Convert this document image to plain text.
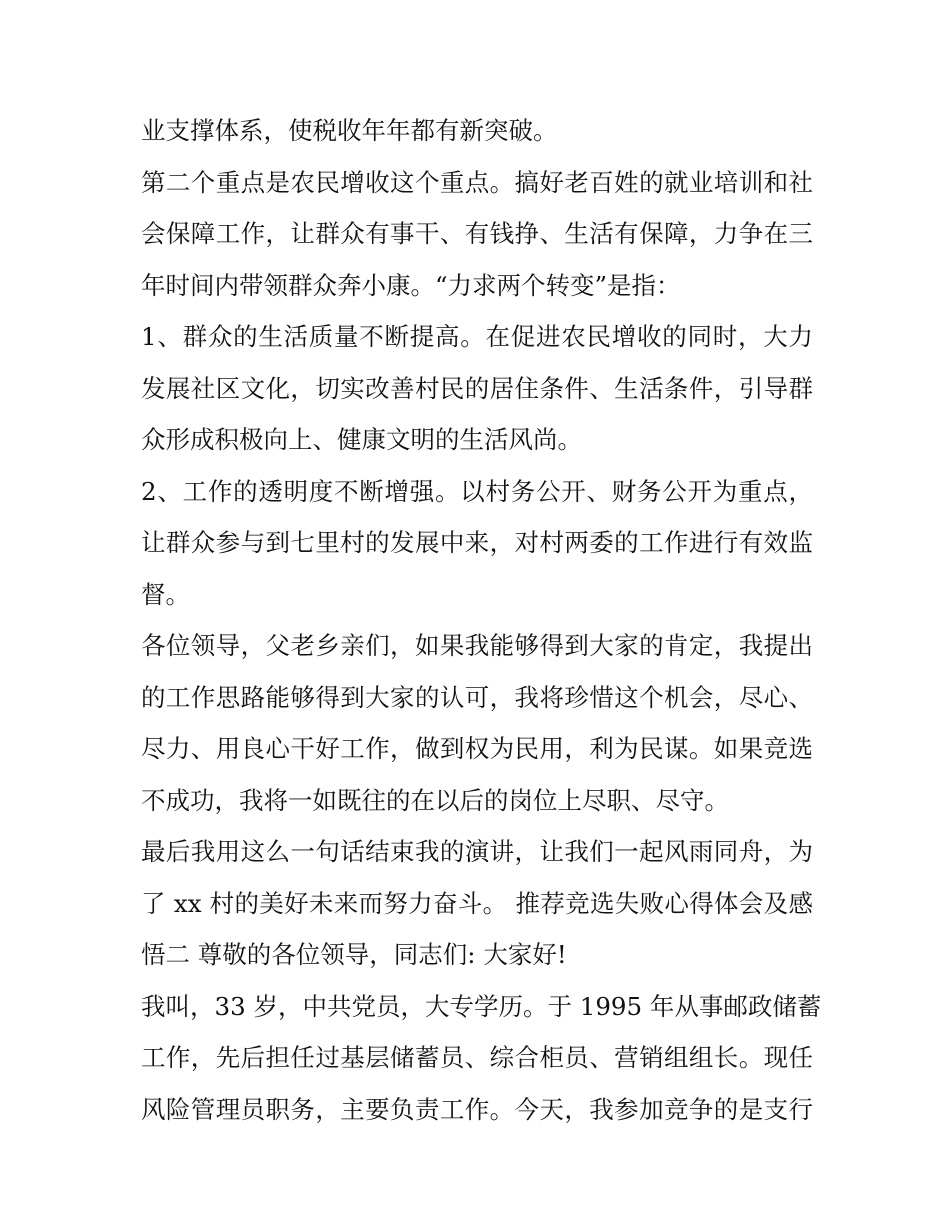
业支撑体系，使税收年年都有新突破。
第二个重点是农民增收这个重点。搞好老百姓的就业培训和社
会保障工作，让群众有事干、有钱挣、生活有保障，力争在三
年时间内带领群众奔小康。“力求两个转变”是指：
1、群众的生活质量不断提高。在促进农民增收的同时，大力
发展社区文化，切实改善村民的居住条件、生活条件，引导群
众形成积极向上、健康文明的生活风尚。
2、工作的透明度不断增强。以村务公开、财务公开为重点，
让群众参与到七里村的发展中来，对村两委的工作进行有效监
督。
各位领导，父老乡亲们，如果我能够得到大家的肯定，我提出
的工作思路能够得到大家的认可，我将珍惜这个机会，尽心、
尽力、用良心干好工作，做到权为民用，利为民谋。如果竞选
不成功，我将一如既往的在以后的岗位上尽职、尽守。
最后我用这么一句话结束我的演讲，让我们一起风雨同舟，为
了 xx 村的美好未来而努力奋斗。 推荐竞选失败心得体会及感
悟二 尊敬的各位领导，同志们: 大家好!
我叫，33 岁，中共党员，大专学历。于 1995 年从事邮政储蓄
工作，先后担任过基层储蓄员、综合柜员、营销组组长。现任
风险管理员职务，主要负责工作。今天，我参加竞争的是支行
